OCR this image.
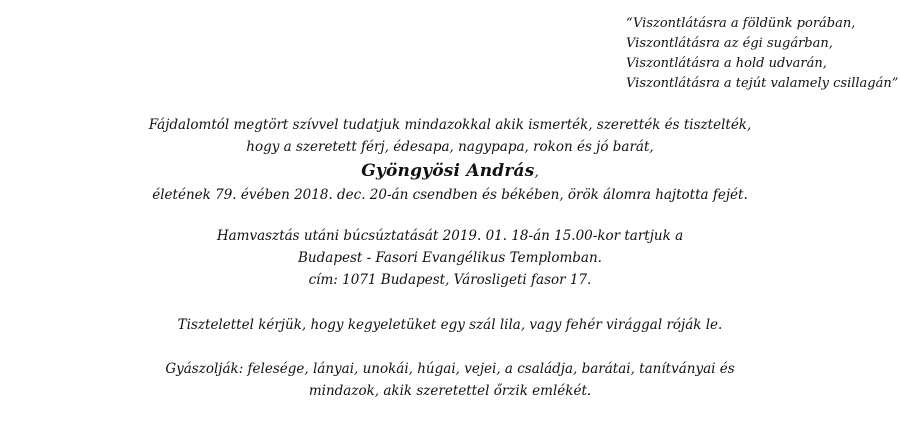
“Viszontlátásra a földünk porában,
Viszontlátásra az égi sugárban,
Viszontlátásra a hold udvarán,
Viszontlátásra a tejút valamely csillagán”
Fájdalomtól megtört szívvel tudatjuk mindazokkal akik ismerték, szerették és tisztelték,
hogy a szeretett férj, édesapa, nagypapa, rokon és jó barát,
Gyöngyösi András,
életének 79. évében 2018. dec. 20-án csendben és békében, örök álomra hajtotta fejét.
Hamvasztás utáni búcsúztatását 2019. 01. 18-án 15.00-kor tartjuk a
Budapest - Fasori Evangélikus Templomban.
cím: 1071 Budapest, Városligeti fasor 17.
Tisztelettel kérjük, hogy kegyeletüket egy szál lila, vagy fehér virággal róják le.
Gyászolják: felesége, lányai, unokái, húgai, vejei, a családja, barátai, tanítványai és
mindazok, akik szeretettel őrzik emlékét.
